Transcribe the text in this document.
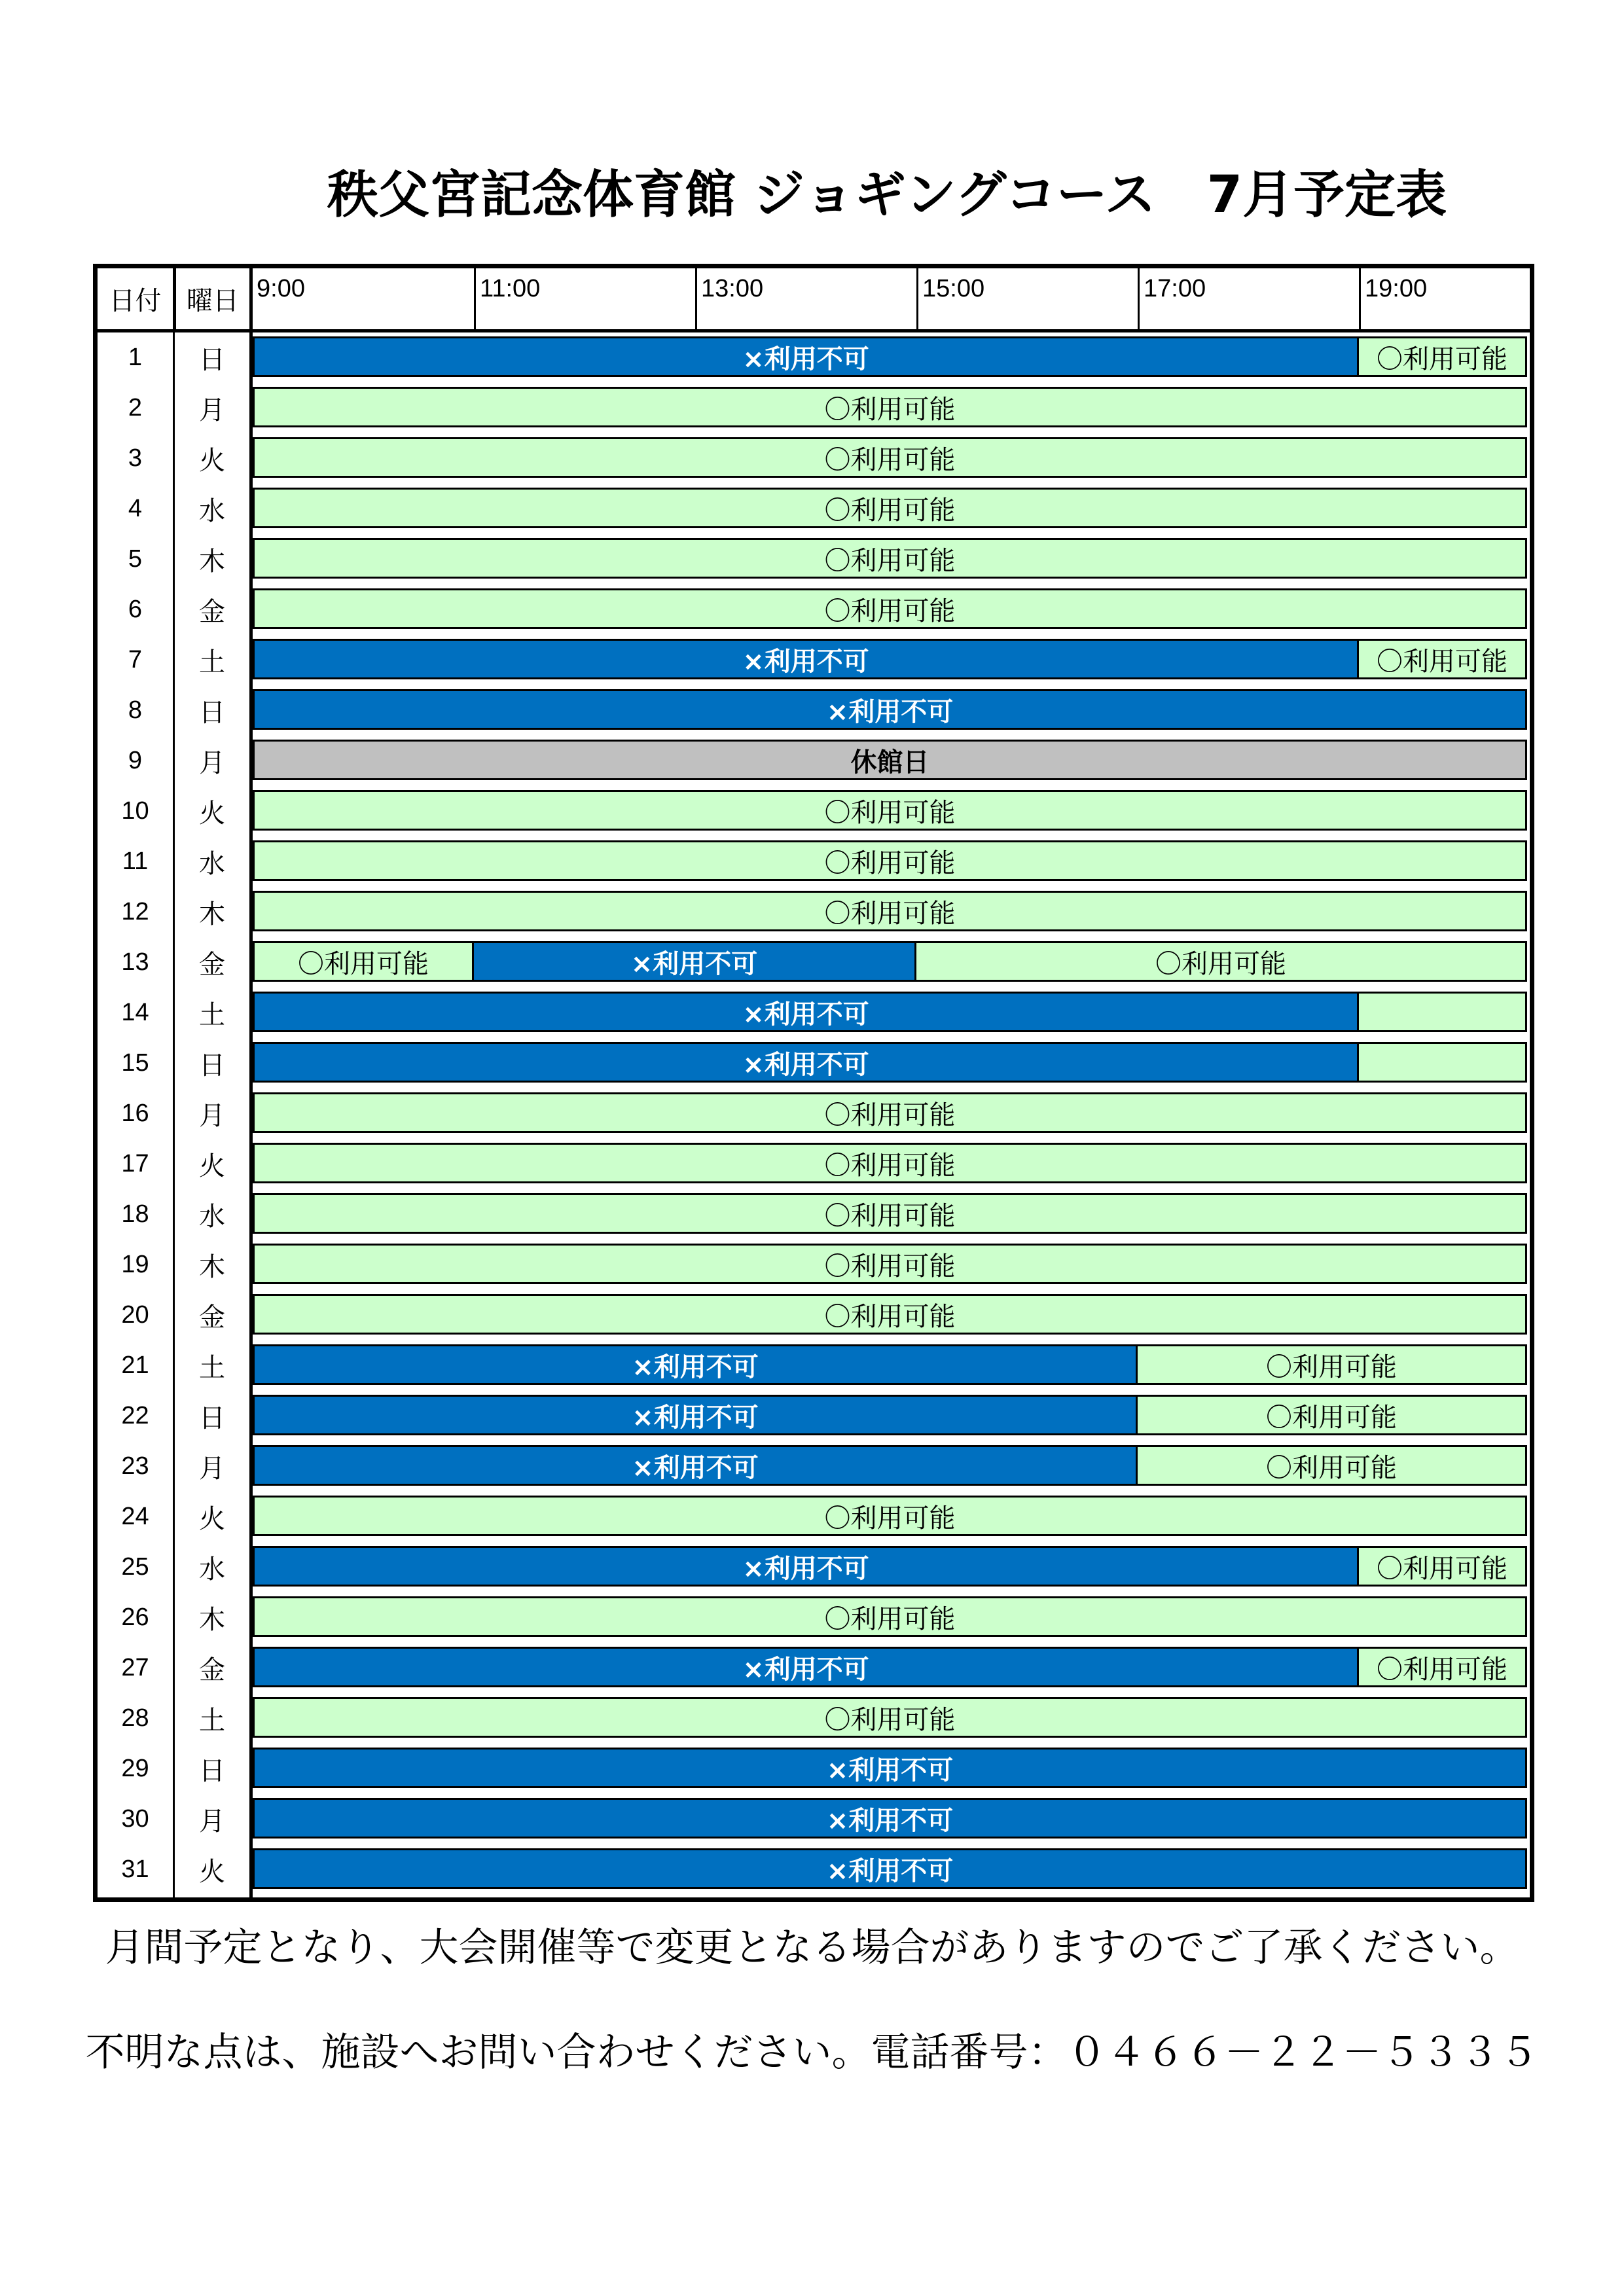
秩父宮記念体育館 ジョギングコース　7月予定表
日付 曜日 9:00	11:00	13:00	15:00	17:00	19:00
1	日	×利用不可	〇利用可能
2	月	〇利用可能
3	火	〇利用可能
4	水	〇利用可能
5	木	〇利用可能
6	金	〇利用可能
7	土	×利用不可	〇利用可能
8	日	×利用不可
9	月	休館日
10	火	〇利用可能
11	水	〇利用可能
12	木	〇利用可能
13	金	〇利用可能	×利用不可	〇利用可能
14	土	×利用不可
15	日	×利用不可
16	月	〇利用可能
17	火	〇利用可能
18	水	〇利用可能
19	木	〇利用可能
20	金	〇利用可能
21	土	×利用不可	〇利用可能
22	日	×利用不可	〇利用可能
23	月	×利用不可	〇利用可能
24	火	〇利用可能
25	水	×利用不可	〇利用可能
26	木	〇利用可能
27	金	×利用不可	〇利用可能
28	土	〇利用可能
29	日	×利用不可
30	月	×利用不可
31	火	×利用不可
月間予定となり、大会開催等で変更となる場合がありますのでご了承ください。
不明な点は、施設へお問い合わせください。電話番号：０４６６－２２－５３３５
